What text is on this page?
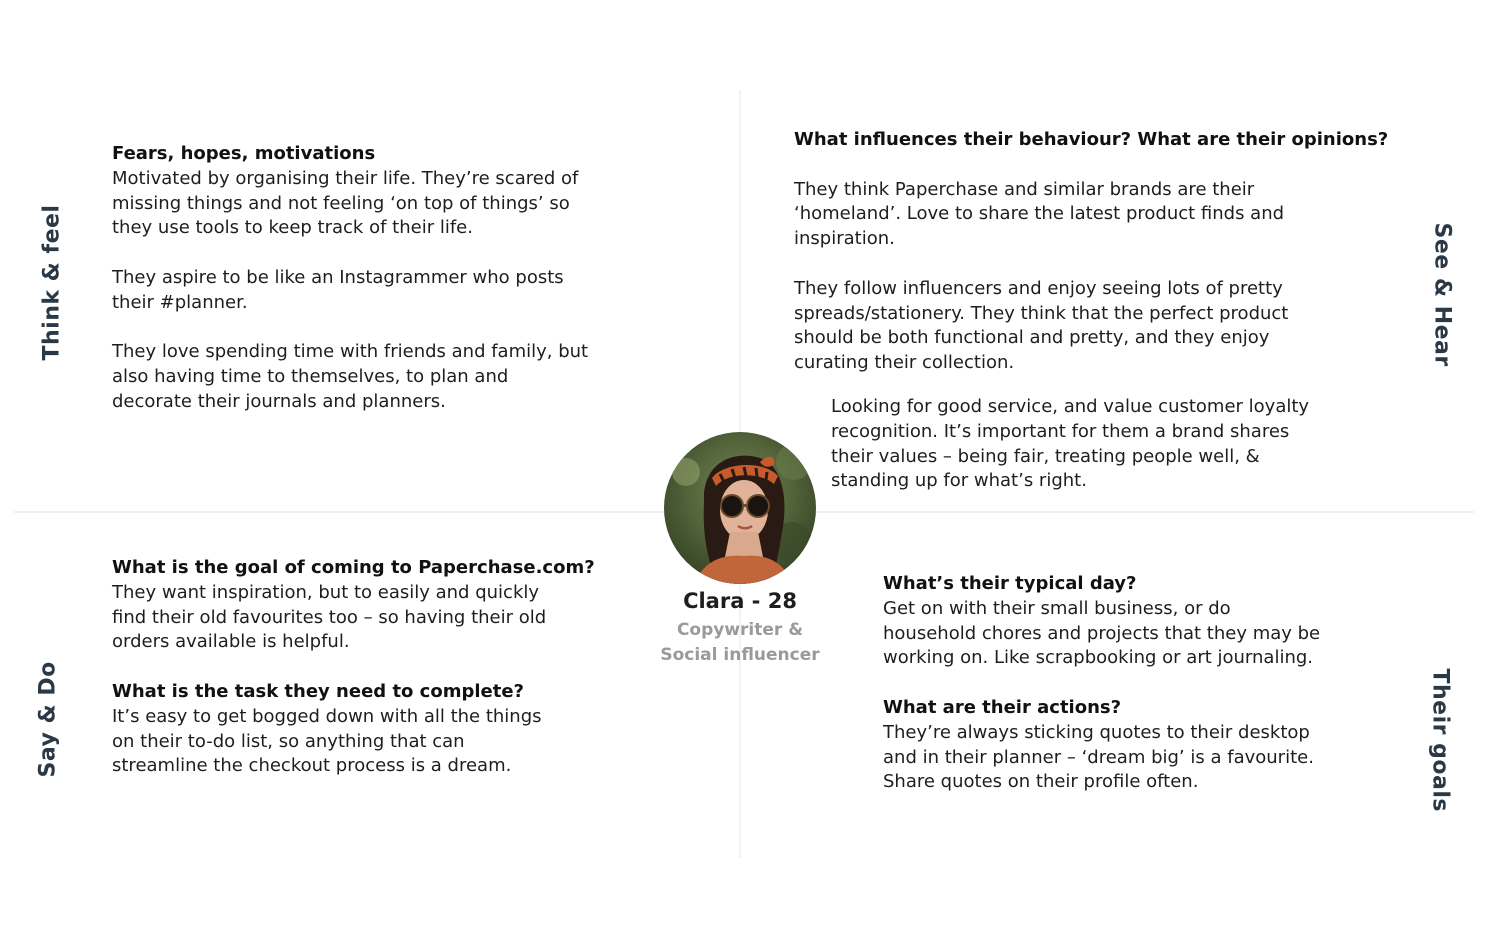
Think & feel	See & Hear
Say & Do	Their goals

Fears, hopes, motivations

Motivated by organising their life. They’re scared of

missing things and not feeling ‘on top of things’ so

they use tools to keep track of their life.

They aspire to be like an Instagrammer who posts

their #planner.

They love spending time with friends and family, but

also having time to themselves, to plan and

decorate their journals and planners.

What influences their behaviour? What are their opinions?

They think Paperchase and similar brands are their

‘homeland’. Love to share the latest product finds and

inspiration.

They follow influencers and enjoy seeing lots of pretty

spreads/stationery. They think that the perfect product

should be both functional and pretty, and they enjoy

curating their collection.

Looking for good service, and value customer loyalty

recognition. It’s important for them a brand shares

their values – being fair, treating people well, &

standing up for what’s right.

What is the goal of coming to Paperchase.com?

They want inspiration, but to easily and quickly

find their old favourites too – so having their old

orders available is helpful.

What is the task they need to complete?

It’s easy to get bogged down with all the things

on their to-do list, so anything that can

streamline the checkout process is a dream.

What’s their typical day?

Get on with their small business, or do

household chores and projects that they may be

working on. Like scrapbooking or art journaling.

What are their actions?

They’re always sticking quotes to their desktop

and in their planner – ‘dream big’ is a favourite.

Share quotes on their profile often.

Clara - 28
Copywriter &
Social influencer
